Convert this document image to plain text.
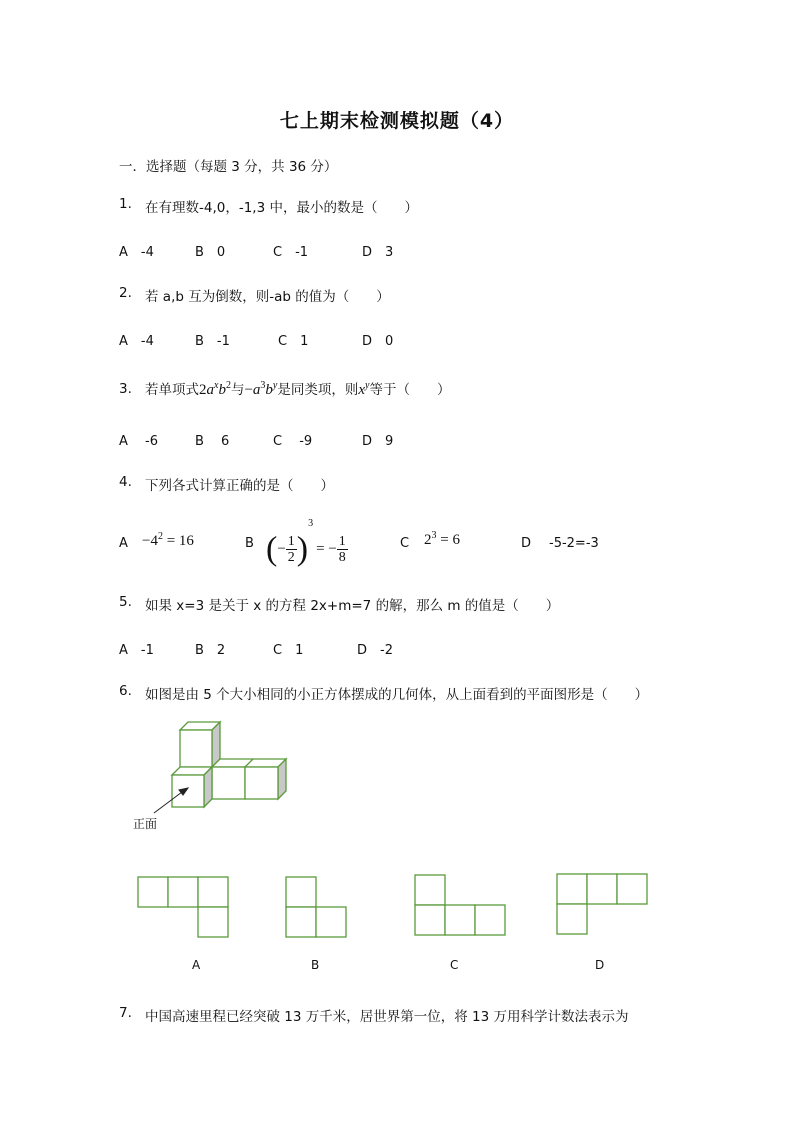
七上期末检测模拟题（4）
一．选择题（每题 3 分，共 36 分）
1. 在有理数-4,0，-1,3 中，最小的数是（　　）
A　-4	B　0	C　-1	D　3
2. 若 a,b 互为倒数，则-ab 的值为（　　）
A　-4	B　-1	C　1	D　0
3. 若单项式$2a^xb^2$与$-a^3b^y$是同类项，则$x^y$等于（　　）
A　 -6	B　 6	C　 -9	D　9
4. 下列各式计算正确的是（　　）
$A -4^2 = 16$	B (− $\frac{1}{2} )^3= - \frac{1}{8}$	C $2^3 = 6$	D -5-2=-3
5. 如果 x=3 是关于 x 的方程 2x+m=7 的解，那么 m 的值是（　　）
A　-1	B　2	C　1	D　-2
6. 如图是由 5 个大小相同的小正方体摆成的几何体，从上面看到的平面图形是（　　）
正面
A	B	C	D
7. 中国高速里程已经突破 13 万千米，居世界第一位，将 13 万用科学计数法表示为
